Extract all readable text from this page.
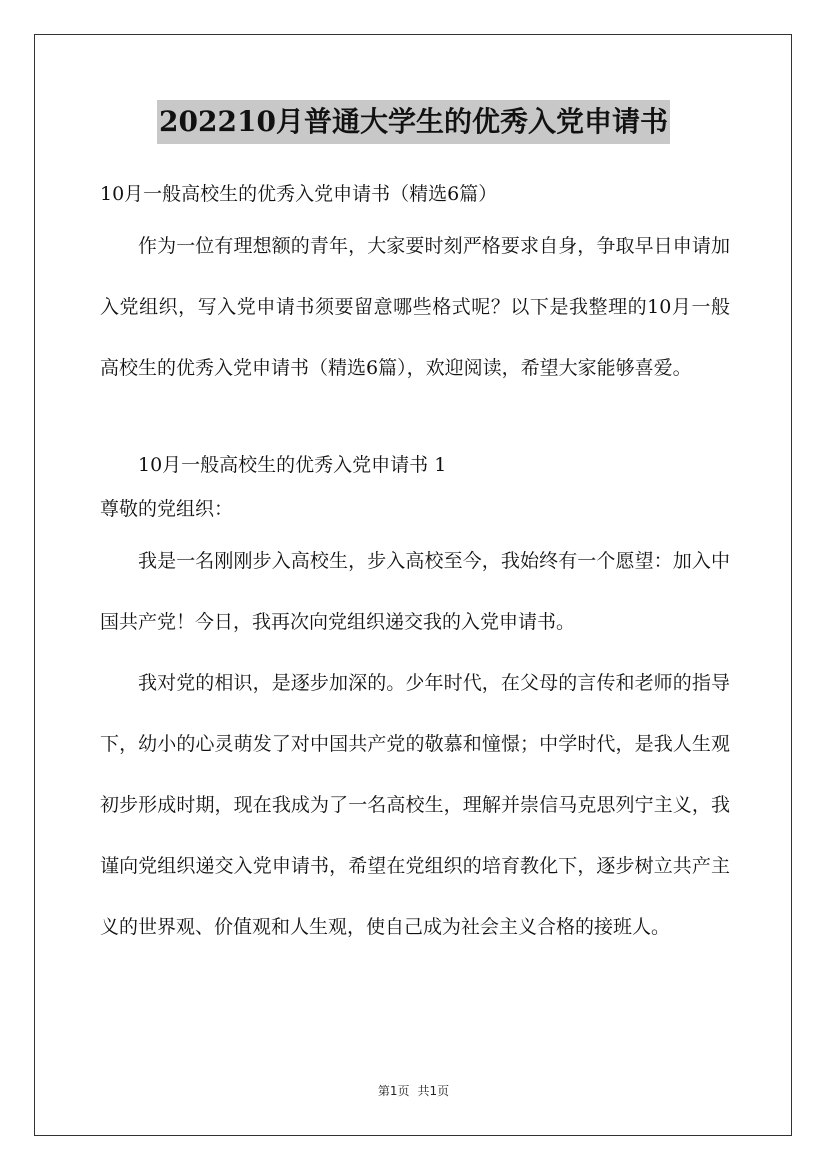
202210月普通大学生的优秀入党申请书
10月一般高校生的优秀入党申请书（精选6篇）
作为一位有理想额的青年，大家要时刻严格要求自身，争取早日申请加入党组织，写入党申请书须要留意哪些格式呢？以下是我整理的10月一般高校生的优秀入党申请书（精选6篇），欢迎阅读，希望大家能够喜爱。
10月一般高校生的优秀入党申请书 1
尊敬的党组织：
我是一名刚刚步入高校生，步入高校至今，我始终有一个愿望：加入中国共产党！今日，我再次向党组织递交我的入党申请书。
我对党的相识，是逐步加深的。少年时代，在父母的言传和老师的指导下，幼小的心灵萌发了对中国共产党的敬慕和憧憬；中学时代，是我人生观初步形成时期，现在我成为了一名高校生，理解并崇信马克思列宁主义，我谨向党组织递交入党申请书，希望在党组织的培育教化下，逐步树立共产主义的世界观、价值观和人生观，使自己成为社会主义合格的接班人。
第1页 共1页
